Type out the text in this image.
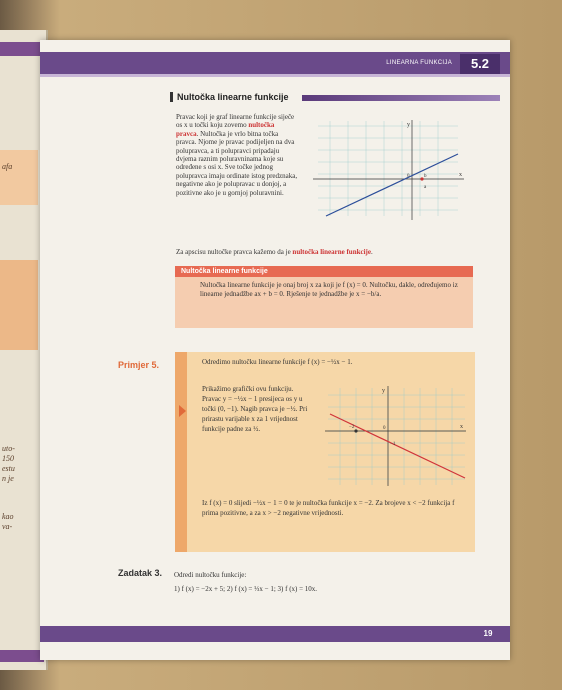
afa
uto-
150
estu
n je
kao
va-
LINEARNA FUNKCIJA	5.2
Nultočka linearne funkcije
Pravac koji je graf linearne funkcije siječe os x u točki koju zovemo nultočka pravca. Nultočka je vrlo bitna točka pravca. Njome je pravac podijeljen na dva polupravca, a ti polupravci pripadaju dvjema raznim poluravninama koje su određene s osi x. Sve točke jednog polupravca imaju ordinate istog predznaka, negativne ako je polupravac u donjoj, a pozitivne ako je u gornjoj poluravnini.
y
x
0	b
a
Za apscisu nultočke pravca kažemo da je nultočka linearne funkcije.
Nultočka linearne funkcije
Nultočka linearne funkcije je onaj broj x za koji je f (x) = 0. Nultočku, dakle, određujemo iz linearne jednadžbe ax + b = 0. Rješenje te jednadžbe je x = −b/a.
Primjer 5.	Odredimo nultočku linearne funkcije f (x) = −½x − 1.
Prikažimo grafički ovu funkciju. Pravac y = −½x − 1 presijeca os y u točki (0, −1). Nagib pravca je −½. Pri prirastu varijable x za 1 vrijednost funkcije padne za ½.
y
x
−2
−1
0
Iz f (x) = 0 slijedi −½x − 1 = 0 te je nultočka funkcije x = −2. Za brojeve x < −2 funkcija f prima pozitivne, a za x > −2 negativne vrijednosti.
Zadatak 3. Odredi nultočku funkcije:
1) f (x) = −2x + 5; 2) f (x) = ⅓x − 1; 3) f (x) = 10x.
19
